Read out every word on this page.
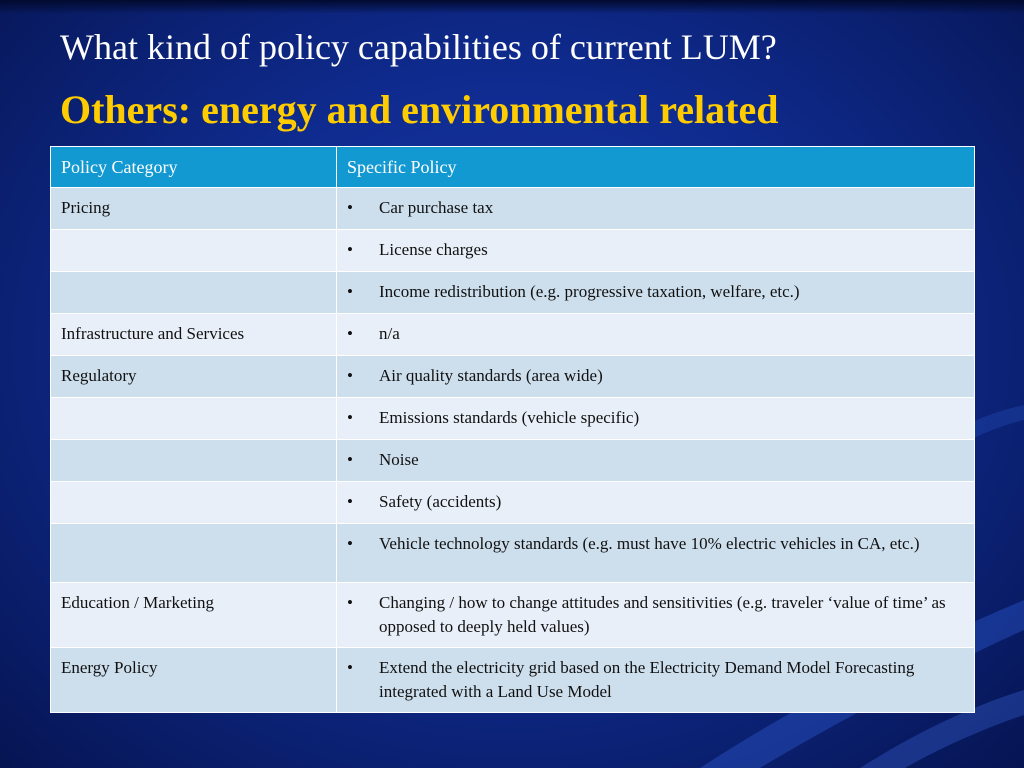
What kind of policy capabilities of current LUM?
Others: energy and environmental related
Policy Category	Specific Policy
Pricing	• Car purchase tax

	• License charges

	• Income redistribution (e.g. progressive taxation, welfare, etc.)

Infrastructure and Services	• n/a

Regulatory	• Air quality standards (area wide)

	• Emissions standards (vehicle specific)

	• Noise

	• Safety (accidents)

	• Vehicle technology standards (e.g. must have 10% electric vehicles in CA, etc.)

Education / Marketing	• Changing / how to change attitudes and sensitivities (e.g. traveler ‘value of time’ as opposed to deeply held values)

Energy Policy	• Extend the electricity grid based on the Electricity Demand Model Forecasting integrated with a Land Use Model
